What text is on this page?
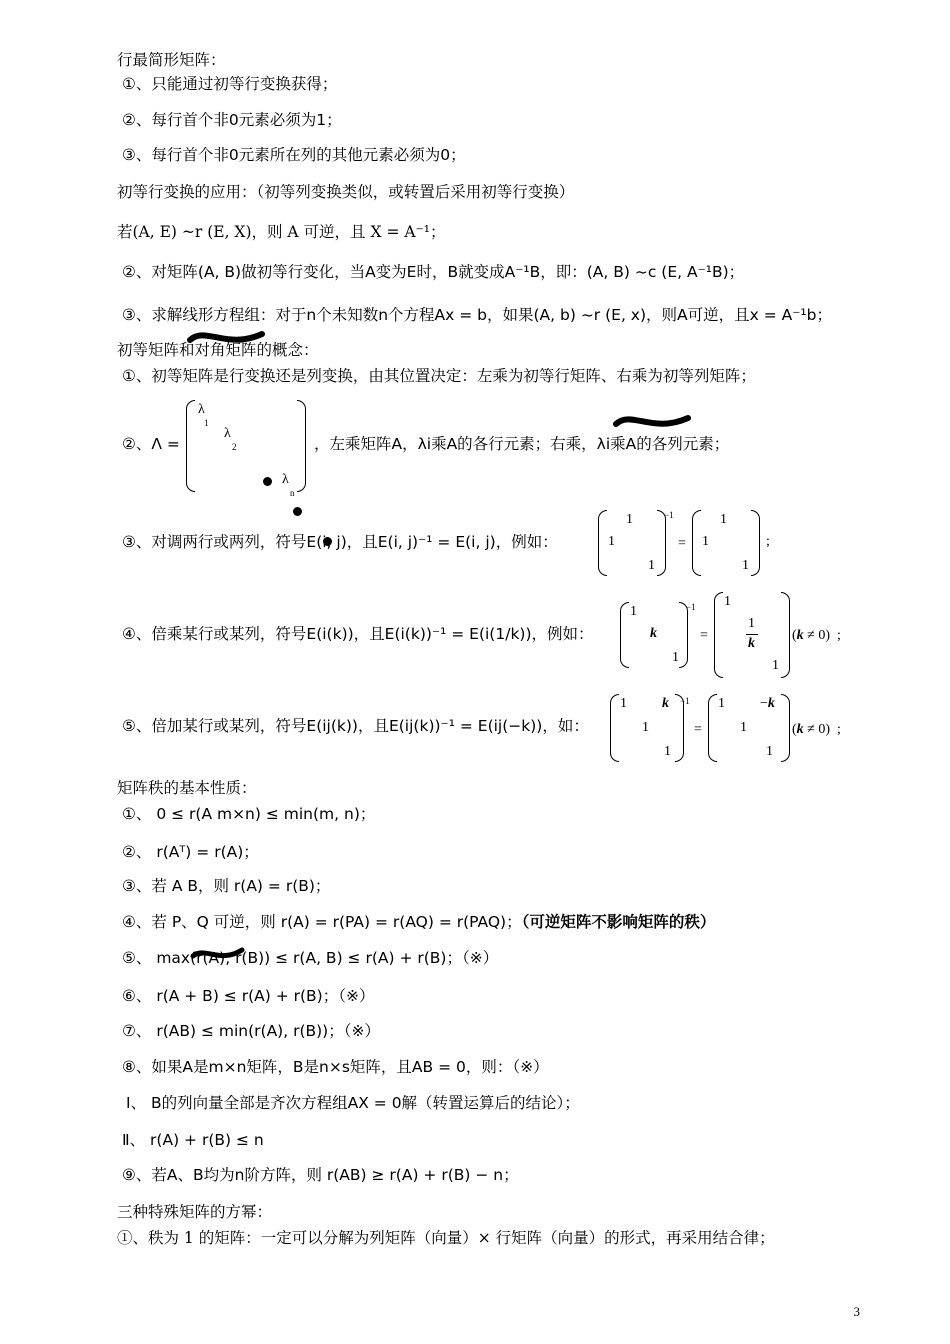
行最简形矩阵：
①、只能通过初等行变换获得；
②、每行首个非0元素必须为1；
③、每行首个非0元素所在列的其他元素必须为0；
初等行变换的应用：（初等列变换类似，或转置后采用初等行变换）
若(A, E) ~r (E, X)，则 A 可逆，且 X = A⁻¹；
②、对矩阵(A, B)做初等行变化，当A变为E时，B就变成A⁻¹B，即：(A, B) ~c (E, A⁻¹B)；
③、求解线形方程组：对于n个未知数n个方程Ax = b，如果(A, b) ~r (E, x)，则A可逆，且x = A⁻¹b；
初等矩阵和对角矩阵的概念：
①、初等矩阵是行变换还是列变换，由其位置决定：左乘为初等行矩阵、右乘为初等列矩阵；
②、Λ =
λ
1
λ
2
λ
n
，左乘矩阵A，λi乘A的各行元素；右乘，λi乘A的各列元素；
③、对调两行或两列，符号E(i, j)，且E(i, j)⁻¹ = E(i, j)，例如：
1
1
1
−1
=
1
1
1
;
④、倍乘某行或某列，符号E(i(k))，且E(i(k))⁻¹ = E(i(1/k))，例如：
1
k
1
−1
=
1
1
k
1
(k ≠ 0)  ;
⑤、倍加某行或某列，符号E(ij(k))，且E(ij(k))⁻¹ = E(ij(−k))，如：
1	k
1
1
−1
=
1	−k
1
1
(k ≠ 0)  ;
矩阵秩的基本性质：
①、 0 ≤ r(A m×n) ≤ min(m, n)；
②、 r(Aᵀ) = r(A)；
③、若 A B，则 r(A) = r(B)；
④、若 P、Q 可逆，则 r(A) = r(PA) = r(AQ) = r(PAQ)；（可逆矩阵不影响矩阵的秩）
⑤、 max(r(A), r(B)) ≤ r(A, B) ≤ r(A) + r(B)；（※）
⑥、 r(A + B) ≤ r(A) + r(B)；（※）
⑦、 r(AB) ≤ min(r(A), r(B))；（※）
⑧、如果A是m×n矩阵，B是n×s矩阵，且AB = 0，则：（※）
Ⅰ、 B的列向量全部是齐次方程组AX = 0解（转置运算后的结论）；
Ⅱ、 r(A) + r(B) ≤ n
⑨、若A、B均为n阶方阵，则 r(AB) ≥ r(A) + r(B) − n；
三种特殊矩阵的方幂：
①、秩为 1 的矩阵：一定可以分解为列矩阵（向量）× 行矩阵（向量）的形式，再采用结合律；
3
